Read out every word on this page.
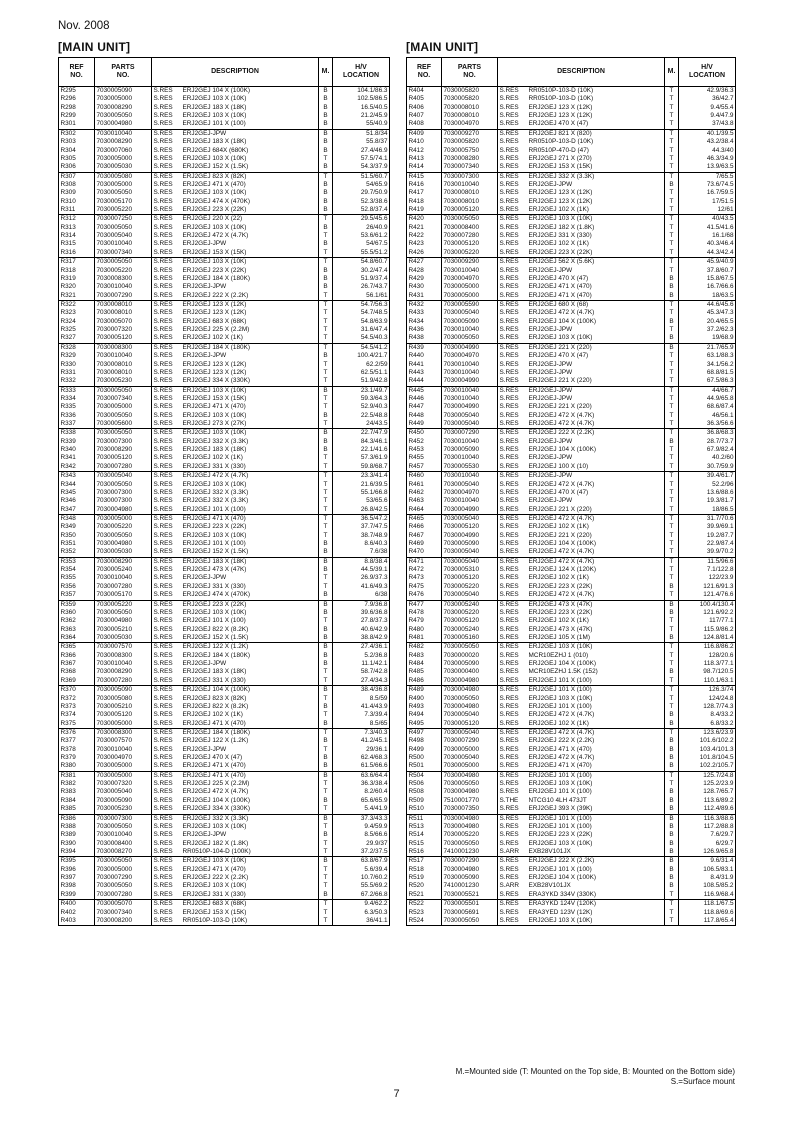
Nov. 2008
[MAIN UNIT]	[MAIN UNIT]
REF
NO.	PARTS
NO.	DESCRIPTION	M.	H/V
LOCATION
R295	7030005090	S.RES ERJ2GEJ 104 X (100K)	B	104.1/86.3
R296	7030005000	S.RES ERJ2GEJ 103 X (10K)	B	102.5/86.5
R298	7030008290	S.RES ERJ2GEJ 183 X (18K)	B	16.5/40.5
R299	7030005050	S.RES ERJ2GEJ 103 X (10K)	B	21.2/45.9
R301	7030004980	S.RES ERJ2GEJ 101 X (100)	B	55/40.9
R302	7030010040	S.RES ERJ2GEJ-JPW	B	51.8/34
R303	7030008290	S.RES ERJ2GEJ 183 X (18K)	B	55.8/37
R304	7030007060	S.RES ERJ2GEJ 684X (680K)	B	27.4/46.9
R305	7030005000	S.RES ERJ2GEJ 103 X (10K)	T	57.5/74.1
R306	7030005030	S.RES ERJ2GEJ 152 X (1.5K)	B	54.3/37.9
R307	7030005080	S.RES ERJ2GEJ 823 X (82K)	T	51.5/60.7
R308	7030005000	S.RES ERJ2GEJ 471 X (470)	B	54/65.9
R309	7030005050	S.RES ERJ2GEJ 103 X (10K)	B	29.7/50.9
R310	7030005170	S.RES ERJ2GEJ 474 X (470K)	B	52.3/38.6
R311	7030005220	S.RES ERJ2GEJ 223 X (22K)	B	52.8/37.4
R312	7030007250	S.RES ERJ2GEJ 220 X (22)	T	29.5/45.6
R313	7030005050	S.RES ERJ2GEJ 103 X (10K)	B	26/40.9
R314	7030005040	S.RES ERJ2GEJ 472 X (4.7K)	T	53.6/61.2
R315	7030010040	S.RES ERJ2GEJ-JPW	B	54/67.5
R316	7030007340	S.RES ERJ2GEJ 153 X (15K)	T	55.5/51.2
R317	7030005050	S.RES ERJ2GEJ 103 X (10K)	T	54.8/60.7
R318	7030005220	S.RES ERJ2GEJ 223 X (22K)	B	30.2/47.4
R319	7030008300	S.RES ERJ2GEJ 184 X (180K)	B	51.9/37.4
R320	7030010040	S.RES ERJ2GEJ-JPW	B	26.7/43.7
R321	7030007290	S.RES ERJ2GEJ 222 X (2.2K)	T	56.1/61
R322	7030008010	S.RES ERJ2GEJ 123 X (12K)	T	54.7/56.3
R323	7030008010	S.RES ERJ2GEJ 123 X (12K)	T	54.7/48.5
R324	7030005070	S.RES ERJ2GEJ 683 X (68K)	T	54.8/63.9
R325	7030007320	S.RES ERJ2GEJ 225 X (2.2M)	T	31.6/47.4
R327	7030005120	S.RES ERJ2GEJ 102 X (1K)	T	54.5/40.3
R328	7030008300	S.RES ERJ2GEJ 184 X (180K)	T	54.5/41.2
R329	7030010040	S.RES ERJ2GEJ-JPW	B	100.4/21.7
R330	7030008010	S.RES ERJ2GEJ 123 X (12K)	T	62.2/59
R331	7030008010	S.RES ERJ2GEJ 123 X (12K)	T	62.5/51.1
R332	7030005230	S.RES ERJ2GEJ 334 X (330K)	T	51.9/42.8
R333	7030005050	S.RES ERJ2GEJ 103 X (10K)	B	23.1/49.7
R334	7030007340	S.RES ERJ2GEJ 153 X (15K)	T	59.3/64.3
R335	7030005000	S.RES ERJ2GEJ 471 X (470)	T	52.9/40.3
R336	7030005050	S.RES ERJ2GEJ 103 X (10K)	B	22.5/48.8
R337	7030005600	S.RES ERJ2GEJ 273 X (27K)	T	24/43.5
R338	7030005050	S.RES ERJ2GEJ 103 X (10K)	B	22.7/47.9
R339	7030007300	S.RES ERJ2GEJ 332 X (3.3K)	B	84.3/46.1
R340	7030008290	S.RES ERJ2GEJ 183 X (18K)	B	22.1/41.6
R341	7030005120	S.RES ERJ2GEJ 102 X (1K)	T	57.3/61.9
R342	7030007280	S.RES ERJ2GEJ 331 X (330)	T	59.8/68.7
R343	7030005040	S.RES ERJ2GEJ 472 X (4.7K)	T	23.3/41.4
R344	7030005050	S.RES ERJ2GEJ 103 X (10K)	T	21.6/39.5
R345	7030007300	S.RES ERJ2GEJ 332 X (3.3K)	T	55.1/66.8
R346	7030007300	S.RES ERJ2GEJ 332 X (3.3K)	T	53/65.6
R347	7030004980	S.RES ERJ2GEJ 101 X (100)	T	26.8/42.5
R348	7030005000	S.RES ERJ2GEJ 471 X (470)	T	36.5/47.2
R349	7030005220	S.RES ERJ2GEJ 223 X (22K)	T	37.7/47.5
R350	7030005050	S.RES ERJ2GEJ 103 X (10K)	T	38.7/48.9
R351	7030004980	S.RES ERJ2GEJ 101 X (100)	B	8.6/40.3
R352	7030005030	S.RES ERJ2GEJ 152 X (1.5K)	B	7.6/38
R353	7030008290	S.RES ERJ2GEJ 183 X (18K)	B	8.8/38.4
R354	7030005240	S.RES ERJ2GEJ 473 X (47K)	B	44.5/39.1
R355	7030010040	S.RES ERJ2GEJ-JPW	T	26.9/37.3
R356	7030007280	S.RES ERJ2GEJ 331 X (330)	T	41.6/49.3
R357	7030005170	S.RES ERJ2GEJ 474 X (470K)	B	6/38
R359	7030005220	S.RES ERJ2GEJ 223 X (22K)	B	7.9/36.8
R360	7030005050	S.RES ERJ2GEJ 103 X (10K)	B	39.6/36.8
R362	7030004980	S.RES ERJ2GEJ 101 X (100)	T	27.8/37.3
R363	7030005210	S.RES ERJ2GEJ 822 X (8.2K)	B	40.6/42.9
R364	7030005030	S.RES ERJ2GEJ 152 X (1.5K)	B	38.8/42.9
R365	7030007570	S.RES ERJ2GEJ 122 X (1.2K)	B	27.4/36.1
R366	7030008300	S.RES ERJ2GEJ 184 X (180K)	B	5.2/36.8
R367	7030010040	S.RES ERJ2GEJ-JPW	B	11.1/42.1
R368	7030008290	S.RES ERJ2GEJ 183 X (18K)	T	58.7/42.8
R369	7030007280	S.RES ERJ2GEJ 331 X (330)	T	27.4/34.3
R370	7030005090	S.RES ERJ2GEJ 104 X (100K)	B	38.4/36.8
R372	7030005080	S.RES ERJ2GEJ 823 X (82K)	T	8.5/59
R373	7030005210	S.RES ERJ2GEJ 822 X (8.2K)	B	41.4/43.9
R374	7030005120	S.RES ERJ2GEJ 102 X (1K)	T	7.3/39.4
R375	7030005000	S.RES ERJ2GEJ 471 X (470)	B	8.5/65
R376	7030008300	S.RES ERJ2GEJ 184 X (180K)	T	7.3/40.3
R377	7030007570	S.RES ERJ2GEJ 122 X (1.2K)	B	41.2/45.1
R378	7030010040	S.RES ERJ2GEJ-JPW	T	29/36.1
R379	7030004970	S.RES ERJ2GEJ 470 X (47)	B	62.4/68.3
R380	7030005000	S.RES ERJ2GEJ 471 X (470)	B	61.5/66.6
R381	7030005000	S.RES ERJ2GEJ 471 X (470)	B	63.6/64.4
R382	7030007320	S.RES ERJ2GEJ 225 X (2.2M)	T	36.3/38.4
R383	7030005040	S.RES ERJ2GEJ 472 X (4.7K)	T	8.2/60.4
R384	7030005090	S.RES ERJ2GEJ 104 X (100K)	B	65.6/65.9
R385	7030005230	S.RES ERJ2GEJ 334 X (330K)	T	5.4/41.9
R386	7030007300	S.RES ERJ2GEJ 332 X (3.3K)	B	37.3/43.3
R388	7030005050	S.RES ERJ2GEJ 103 X (10K)	T	9.4/59.9
R389	7030010040	S.RES ERJ2GEJ-JPW	B	8.5/66.6
R390	7030008400	S.RES ERJ2GEJ 182 X (1.8K)	T	29.9/37
R394	7030008270	S.RES RR0510P-104-D (100K)	T	37.2/37.5
R395	7030005050	S.RES ERJ2GEJ 103 X (10K)	B	63.8/67.9
R396	7030005000	S.RES ERJ2GEJ 471 X (470)	T	5.6/39.4
R397	7030007290	S.RES ERJ2GEJ 222 X (2.2K)	T	10.7/60.2
R398	7030005050	S.RES ERJ2GEJ 103 X (10K)	T	55.5/69.2
R399	7030007280	S.RES ERJ2GEJ 331 X (330)	B	67.2/66.8
R400	7030005070	S.RES ERJ2GEJ 683 X (68K)	T	9.4/62.2
R402	7030007340	S.RES ERJ2GEJ 153 X (15K)	T	6.3/50.3
R403	7030008200	S.RES RR0510P-103-D (10K)	T	36/41.1
REF
NO.	PARTS
NO.	DESCRIPTION	M.	H/V
LOCATION
R404	7030005820	S.RES RR0510P-103-D (10K)	T	42.9/36.3
R405	7030005820	S.RES RR0510P-103-D (10K)	T	36/42.7
R406	7030008010	S.RES ERJ2GEJ 123 X (12K)	T	9.4/55.4
R407	7030008010	S.RES ERJ2GEJ 123 X (12K)	T	9.4/47.9
R408	7030004970	S.RES ERJ2GEJ 470 X (47)	T	37/43.8
R409	7030009270	S.RES ERJ2GEJ 821 X (820)	T	40.1/39.5
R410	7030005820	S.RES RR0510P-103-D (10K)	T	43.2/38.4
R412	7030005750	S.RES RR0510P-470-D (47)	T	44.3/40
R413	7030008280	S.RES ERJ2GEJ 271 X (270)	T	46.3/34.9
R414	7030007340	S.RES ERJ2GEJ 153 X (15K)	T	13.9/63.5
R415	7030007300	S.RES ERJ2GEJ 332 X (3.3K)	T	7/65.5
R416	7030010040	S.RES ERJ2GEJ-JPW	B	73.6/74.5
R417	7030008010	S.RES ERJ2GEJ 123 X (12K)	T	16.7/59.5
R418	7030008010	S.RES ERJ2GEJ 123 X (12K)	T	17/51.5
R419	7030005120	S.RES ERJ2GEJ 102 X (1K)	T	12/61
R420	7030005050	S.RES ERJ2GEJ 103 X (10K)	T	40/43.5
R421	7030008400	S.RES ERJ2GEJ 182 X (1.8K)	T	41.5/41.6
R422	7030007280	S.RES ERJ2GEJ 331 X (330)	T	16.1/68
R423	7030005120	S.RES ERJ2GEJ 102 X (1K)	T	40.3/46.4
R426	7030005220	S.RES ERJ2GEJ 223 X (22K)	T	44.3/42.4
R427	7030009290	S.RES ERJ2GEJ 562 X (5.6K)	T	45.9/40.9
R428	7030010040	S.RES ERJ2GEJ-JPW	T	37.8/60.7
R429	7030004970	S.RES ERJ2GEJ 470 X (47)	B	15.8/67.5
R430	7030005000	S.RES ERJ2GEJ 471 X (470)	B	16.7/66.6
R431	7030005000	S.RES ERJ2GEJ 471 X (470)	B	18/63.5
R432	7030005590	S.RES ERJ2GEJ 680 X (68)	T	44.6/45.6
R433	7030005040	S.RES ERJ2GEJ 472 X (4.7K)	T	45.3/47.3
R434	7030005090	S.RES ERJ2GEJ 104 X (100K)	B	20.4/65.5
R436	7030010040	S.RES ERJ2GEJ-JPW	T	37.2/62.3
R438	7030005050	S.RES ERJ2GEJ 103 X (10K)	B	19/68.9
R439	7030004990	S.RES ERJ2GEJ 221 X (220)	B	21.7/65.9
R440	7030004970	S.RES ERJ2GEJ 470 X (47)	T	63.1/88.3
R441	7030010040	S.RES ERJ2GEJ-JPW	T	34.1/56.2
R443	7030010040	S.RES ERJ2GEJ-JPW	T	68.8/81.5
R444	7030004990	S.RES ERJ2GEJ 221 X (220)	T	67.5/86.3
R445	7030010040	S.RES ERJ2GEJ-JPW	T	44/66.7
R446	7030010040	S.RES ERJ2GEJ-JPW	T	44.9/65.8
R447	7030004990	S.RES ERJ2GEJ 221 X (220)	T	68.6/87.4
R448	7030005040	S.RES ERJ2GEJ 472 X (4.7K)	T	46/56.1
R449	7030005040	S.RES ERJ2GEJ 472 X (4.7K)	T	36.3/56.6
R450	7030007290	S.RES ERJ2GEJ 222 X (2.2K)	T	36.8/68.3
R452	7030010040	S.RES ERJ2GEJ-JPW	B	28.7/73.7
R453	7030005090	S.RES ERJ2GEJ 104 X (100K)	T	67.9/82.4
R455	7030010040	S.RES ERJ2GEJ-JPW	T	40.2/60
R457	7030005530	S.RES ERJ2GEJ 100 X (10)	T	30.7/59.9
R460	7030010040	S.RES ERJ2GEJ-JPW	T	39.4/61.7
R461	7030005040	S.RES ERJ2GEJ 472 X (4.7K)	T	52.2/96
R462	7030004970	S.RES ERJ2GEJ 470 X (47)	T	13.6/88.6
R463	7030010040	S.RES ERJ2GEJ-JPW	T	19.3/81.7
R464	7030004990	S.RES ERJ2GEJ 221 X (220)	T	18/86.5
R465	7030005040	S.RES ERJ2GEJ 472 X (4.7K)	T	31.7/70.6
R466	7030005120	S.RES ERJ2GEJ 102 X (1K)	T	39.9/69.1
R467	7030004990	S.RES ERJ2GEJ 221 X (220)	T	19.2/87.7
R469	7030005090	S.RES ERJ2GEJ 104 X (100K)	T	22.9/87.4
R470	7030005040	S.RES ERJ2GEJ 472 X (4.7K)	T	39.9/70.2
R471	7030005040	S.RES ERJ2GEJ 472 X (4.7K)	T	11.5/96.6
R472	7030005310	S.RES ERJ2GEJ 124 X (120K)	T	7.1/122.8
R473	7030005120	S.RES ERJ2GEJ 102 X (1K)	T	122/23.9
R475	7030005220	S.RES ERJ2GEJ 223 X (22K)	B	121.6/91.3
R476	7030005040	S.RES ERJ2GEJ 472 X (4.7K)	T	121.4/76.6
R477	7030005240	S.RES ERJ2GEJ 473 X (47K)	B	100.4/130.4
R478	7030005220	S.RES ERJ2GEJ 223 X (22K)	B	121.6/92.2
R479	7030005120	S.RES ERJ2GEJ 102 X (1K)	T	117/77.1
R480	7030005240	S.RES ERJ2GEJ 473 X (47K)	T	115.9/86.2
R481	7030005160	S.RES ERJ2GEJ 105 X (1M)	B	124.8/81.4
R482	7030005050	S.RES ERJ2GEJ 103 X (10K)	T	116.8/86.2
R483	7030000020	S.RES MCR10EZHJ 1 (010)	T	128/20.6
R484	7030005090	S.RES ERJ2GEJ 104 X (100K)	T	118.3/77.1
R485	7030000400	S.RES MCR10EZHJ 1.5K (152)	B	98.7/120.5
R486	7030004980	S.RES ERJ2GEJ 101 X (100)	T	110.1/63.1
R489	7030004980	S.RES ERJ2GEJ 101 X (100)	T	126.3/74
R490	7030005050	S.RES ERJ2GEJ 103 X (10K)	T	124/24.8
R493	7030004980	S.RES ERJ2GEJ 101 X (100)	T	128.7/74.3
R494	7030005040	S.RES ERJ2GEJ 472 X (4.7K)	B	8.4/33.2
R495	7030005120	S.RES ERJ2GEJ 102 X (1K)	B	6.8/33.2
R497	7030005040	S.RES ERJ2GEJ 472 X (4.7K)	T	123.6/23.9
R498	7030007290	S.RES ERJ2GEJ 222 X (2.2K)	B	101.6/102.2
R499	7030005000	S.RES ERJ2GEJ 471 X (470)	B	103.4/101.3
R500	7030005040	S.RES ERJ2GEJ 472 X (4.7K)	B	101.8/104.5
R501	7030005000	S.RES ERJ2GEJ 471 X (470)	B	102.2/105.7
R504	7030004980	S.RES ERJ2GEJ 101 X (100)	T	125.7/24.8
R506	7030005050	S.RES ERJ2GEJ 103 X (10K)	T	125.2/23.9
R508	7030004980	S.RES ERJ2GEJ 101 X (100)	B	128.7/65.7
R509	7510001770	S.THE NTCG10 4LH 473JT	B	113.6/89.2
R510	7030007350	S.RES ERJ2GEJ 393 X (39K)	B	112.4/89.6
R511	7030004980	S.RES ERJ2GEJ 101 X (100)	B	116.3/88.6
R513	7030004980	S.RES ERJ2GEJ 101 X (100)	B	117.2/88.8
R514	7030005220	S.RES ERJ2GEJ 223 X (22K)	B	7.6/29.7
R515	7030005050	S.RES ERJ2GEJ 103 X (10K)	B	6/29.7
R516	7410001230	S.ARR EXB28V101JX	B	126.9/65.8
R517	7030007290	S.RES ERJ2GEJ 222 X (2.2K)	B	9.6/31.4
R518	7030004980	S.RES ERJ2GEJ 101 X (100)	B	106.5/83.1
R519	7030005090	S.RES ERJ2GEJ 104 X (100K)	B	8.4/31.9
R520	7410001230	S.ARR EXB28V101JX	B	108.5/85.2
R521	7030005521	S.RES ERA3YKD 334V (330K)	T	116.9/68.4
R522	7030005501	S.RES ERA3YKD 124V (120K)	T	118.1/67.5
R523	7030005691	S.RES ERA3YED 123V (12K)	T	118.8/69.6
R524	7030005050	S.RES ERJ2GEJ 103 X (10K)	T	117.8/65.4
M.=Mounted side (T: Mounted on the Top side, B: Mounted on the Bottom side)
S.=Surface mount
7
